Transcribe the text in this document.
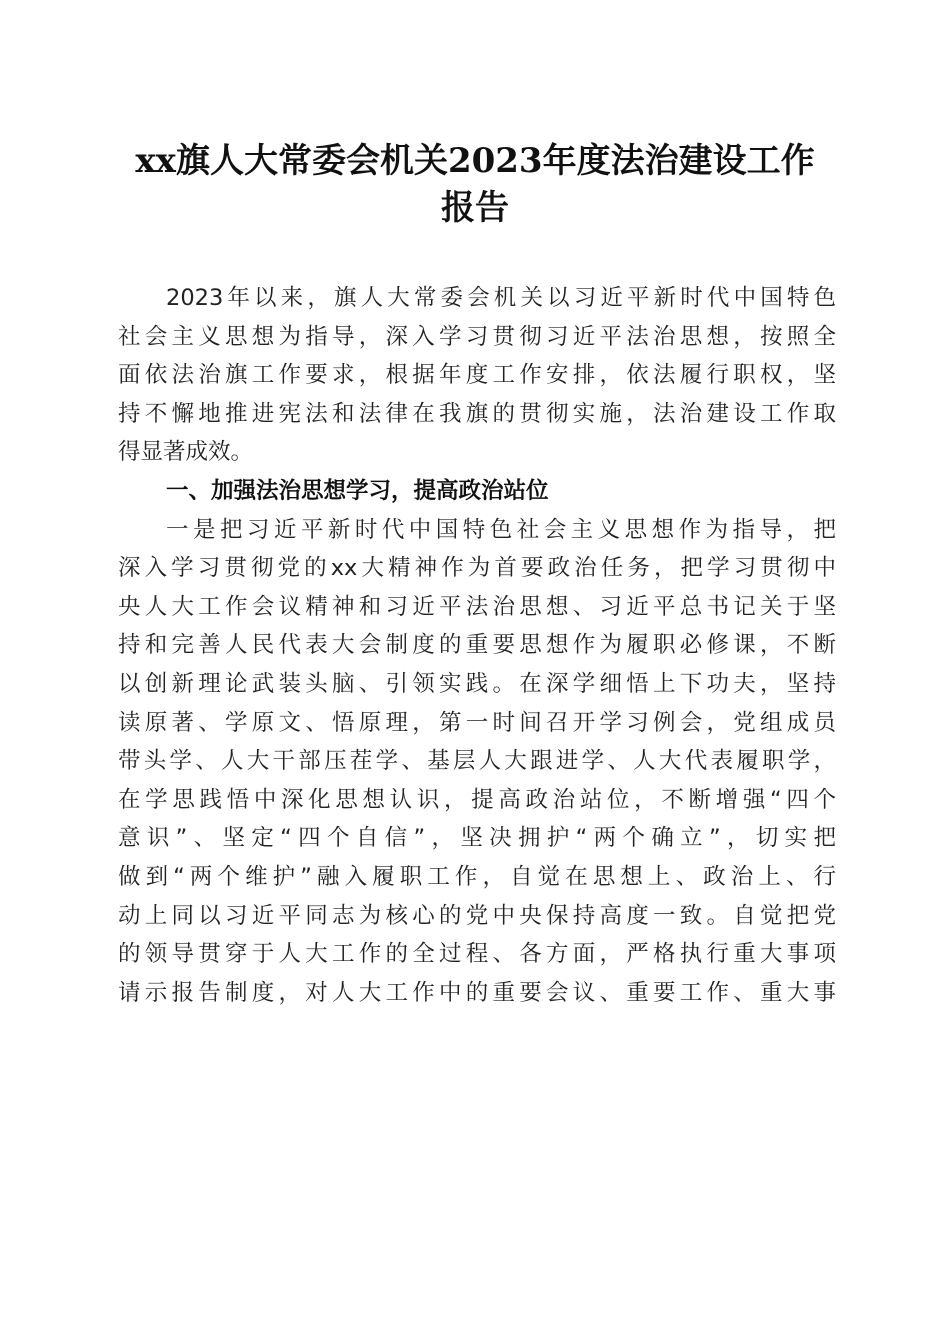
xx旗人大常委会机关2023年度法治建设工作
报告
2023年以来，旗人大常委会机关以习近平新时代中国特色
社会主义思想为指导，深入学习贯彻习近平法治思想，按照全
面依法治旗工作要求，根据年度工作安排，依法履行职权，坚
持不懈地推进宪法和法律在我旗的贯彻实施，法治建设工作取
得显著成效。
一、加强法治思想学习，提高政治站位
一是把习近平新时代中国特色社会主义思想作为指导，把
深入学习贯彻党的xx大精神作为首要政治任务，把学习贯彻中
央人大工作会议精神和习近平法治思想、习近平总书记关于坚
持和完善人民代表大会制度的重要思想作为履职必修课，不断
以创新理论武装头脑、引领实践。在深学细悟上下功夫，坚持
读原著、学原文、悟原理，第一时间召开学习例会，党组成员
带头学、人大干部压茬学、基层人大跟进学、人大代表履职学，
在学思践悟中深化思想认识，提高政治站位，不断增强“四个
意识”、坚定“四个自信”，坚决拥护“两个确立”，切实把
做到“两个维护”融入履职工作，自觉在思想上、政治上、行
动上同以习近平同志为核心的党中央保持高度一致。自觉把党
的领导贯穿于人大工作的全过程、各方面，严格执行重大事项
请示报告制度，对人大工作中的重要会议、重要工作、重大事
